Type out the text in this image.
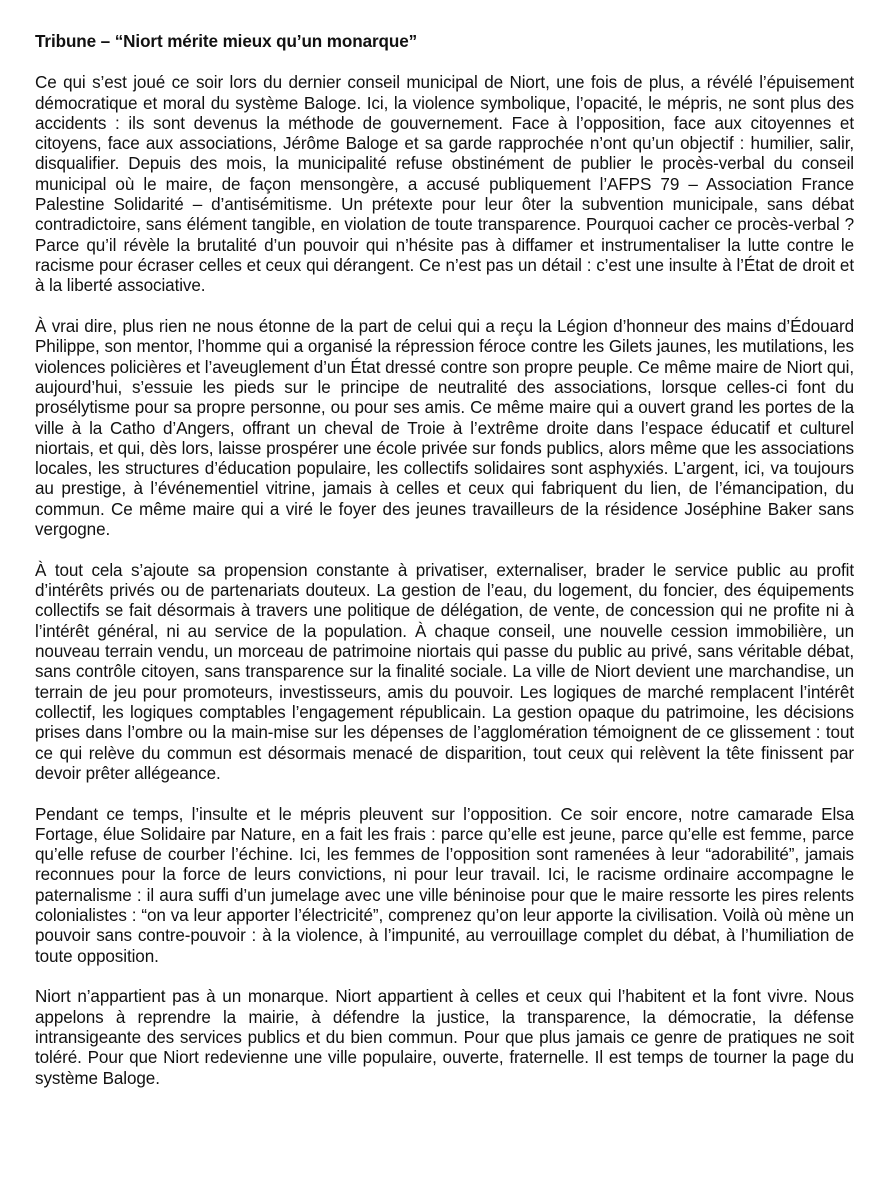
Tribune – “Niort mérite mieux qu’un monarque”

Ce qui s’est joué ce soir lors du dernier conseil municipal de Niort, une fois de plus, a révélé l’épuisement démocratique et moral du système Baloge. Ici, la violence symbolique, l’opacité, le mépris, ne sont plus des accidents : ils sont devenus la méthode de gouvernement. Face à l’opposition, face aux citoyennes et citoyens, face aux associations, Jérôme Baloge et sa garde rapprochée n’ont qu’un objectif : humilier, salir, disqualifier. Depuis des mois, la municipalité refuse obstinément de publier le procès-verbal du conseil municipal où le maire, de façon mensongère, a accusé publiquement l’AFPS 79 – Association France Palestine Solidarité – d’antisémitisme. Un prétexte pour leur ôter la subvention municipale, sans débat contradictoire, sans élément tangible, en violation de toute transparence. Pourquoi cacher ce procès-verbal ? Parce qu’il révèle la brutalité d’un pouvoir qui n’hésite pas à diffamer et instrumentaliser la lutte contre le racisme pour écraser celles et ceux qui dérangent. Ce n’est pas un détail : c’est une insulte à l’État de droit et à la liberté associative.

À vrai dire, plus rien ne nous étonne de la part de celui qui a reçu la Légion d’honneur des mains d’Édouard Philippe, son mentor, l’homme qui a organisé la répression féroce contre les Gilets jaunes, les mutilations, les violences policières et l’aveuglement d’un État dressé contre son propre peuple. Ce même maire de Niort qui, aujourd’hui, s’essuie les pieds sur le principe de neutralité des associations, lorsque celles-ci font du prosélytisme pour sa propre personne, ou pour ses amis. Ce même maire qui a ouvert grand les portes de la ville à la Catho d’Angers, offrant un cheval de Troie à l’extrême droite dans l’espace éducatif et culturel niortais, et qui, dès lors, laisse prospérer une école privée sur fonds publics, alors même que les associations locales, les structures d’éducation populaire, les collectifs solidaires sont asphyxiés. L’argent, ici, va toujours au prestige, à l’événementiel vitrine, jamais à celles et ceux qui fabriquent du lien, de l’émancipation, du commun. Ce même maire qui a viré le foyer des jeunes travailleurs de la résidence Joséphine Baker sans vergogne.

À tout cela s’ajoute sa propension constante à privatiser, externaliser, brader le service public au profit d’intérêts privés ou de partenariats douteux. La gestion de l’eau, du logement, du foncier, des équipements collectifs se fait désormais à travers une politique de délégation, de vente, de concession qui ne profite ni à l’intérêt général, ni au service de la population. À chaque conseil, une nouvelle cession immobilière, un nouveau terrain vendu, un morceau de patrimoine niortais qui passe du public au privé, sans véritable débat, sans contrôle citoyen, sans transparence sur la finalité sociale. La ville de Niort devient une marchandise, un terrain de jeu pour promoteurs, investisseurs, amis du pouvoir. Les logiques de marché remplacent l’intérêt collectif, les logiques comptables l’engagement républicain. La gestion opaque du patrimoine, les décisions prises dans l’ombre ou la main-mise sur les dépenses de l’agglomération témoignent de ce glissement : tout ce qui relève du commun est désormais menacé de disparition, tout ceux qui relèvent la tête finissent par devoir prêter allégeance.

Pendant ce temps, l’insulte et le mépris pleuvent sur l’opposition. Ce soir encore, notre camarade Elsa Fortage, élue Solidaire par Nature, en a fait les frais : parce qu’elle est jeune, parce qu’elle est femme, parce qu’elle refuse de courber l’échine. Ici, les femmes de l’opposition sont ramenées à leur “adorabilité”, jamais reconnues pour la force de leurs convictions, ni pour leur travail. Ici, le racisme ordinaire accompagne le paternalisme : il aura suffi d’un jumelage avec une ville béninoise pour que le maire ressorte les pires relents colonialistes : “on va leur apporter l’électricité”, comprenez qu’on leur apporte la civilisation. Voilà où mène un pouvoir sans contre-pouvoir : à la violence, à l’impunité, au verrouillage complet du débat, à l’humiliation de toute opposition.

Niort n’appartient pas à un monarque. Niort appartient à celles et ceux qui l’habitent et la font vivre. Nous appelons à reprendre la mairie, à défendre la justice, la transparence, la démocratie, la défense intransigeante des services publics et du bien commun. Pour que plus jamais ce genre de pratiques ne soit toléré. Pour que Niort redevienne une ville populaire, ouverte, fraternelle. Il est temps de tourner la page du système Baloge.
